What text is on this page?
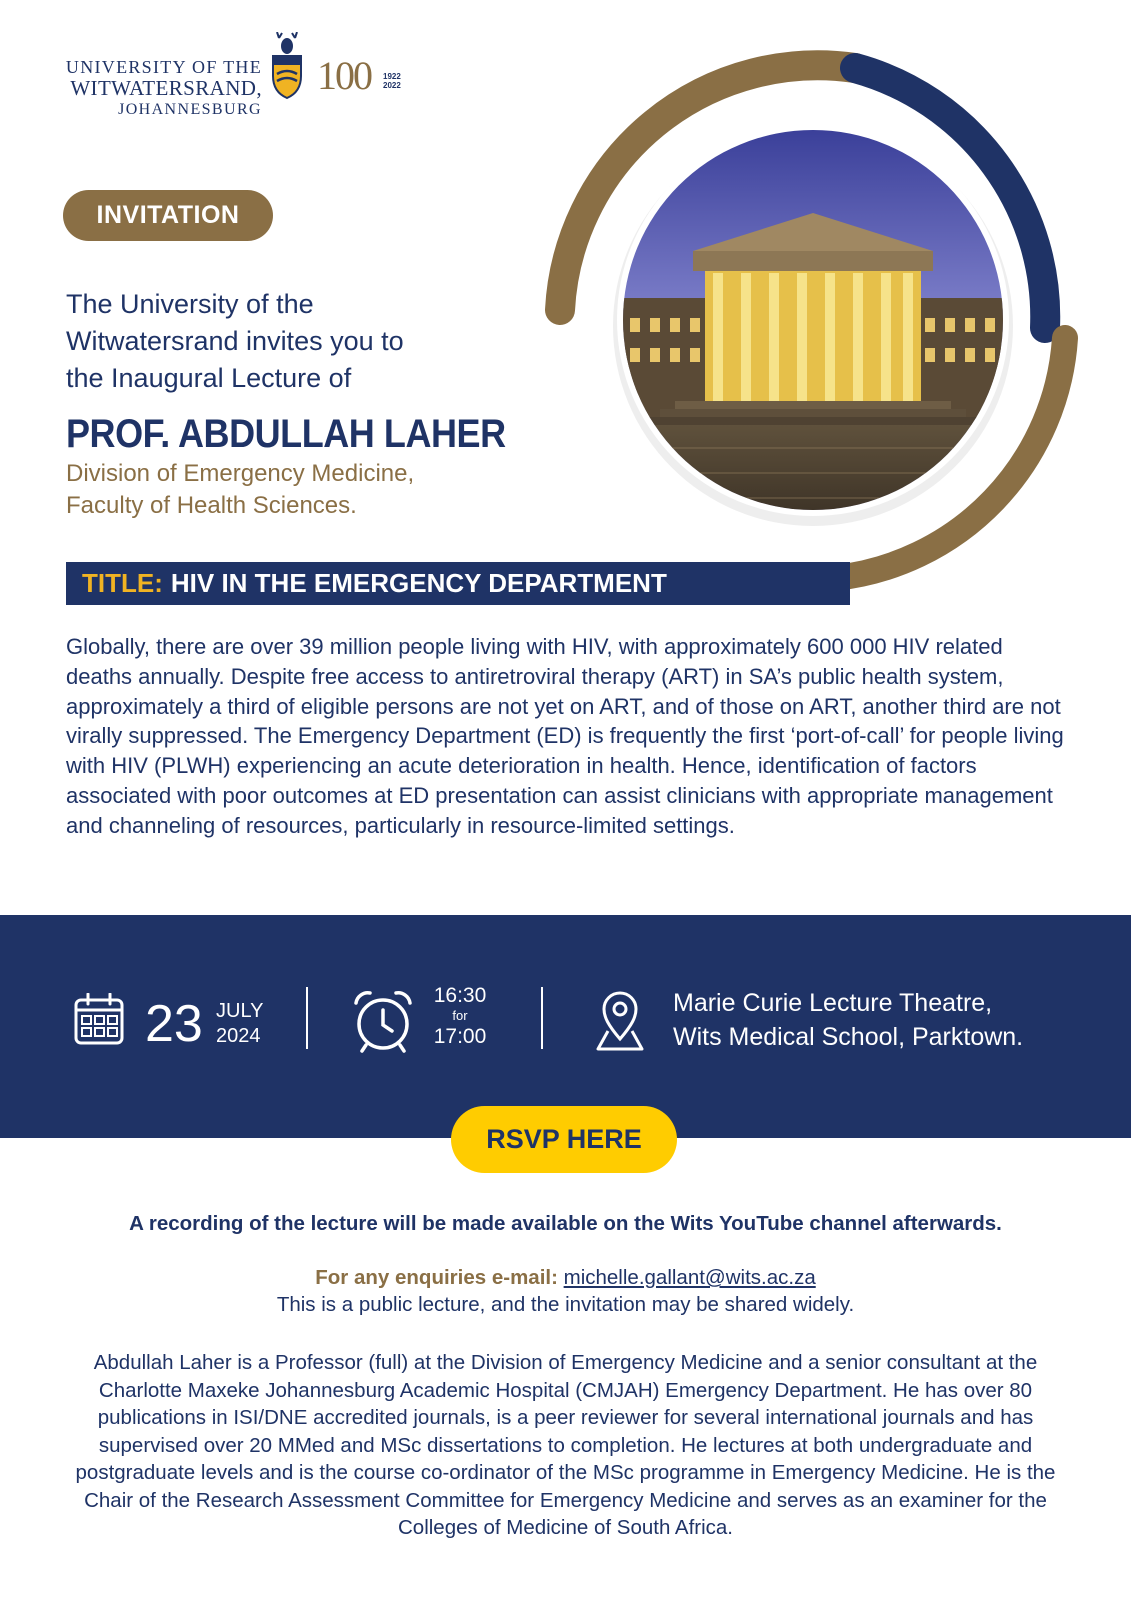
UNIVERSITY OF THE
WITWATERSRAND,
JOHANNESBURG
100 1922
2022
INVITATION
The University of the
Witwatersrand invites you to
the Inaugural Lecture of
PROF. ABDULLAH LAHER
Division of Emergency Medicine,
Faculty of Health Sciences.
TITLE: HIV IN THE EMERGENCY DEPARTMENT

Globally, there are over 39 million people living with HIV, with approximately 600 000 HIV related deaths annually. Despite free access to antiretroviral therapy (ART) in SA’s public health system, approximately a third of eligible persons are not yet on ART, and of those on ART, another third are not virally suppressed. The Emergency Department (ED) is frequently the first ‘port-of-call’ for people living with HIV (PLWH) experiencing an acute deterioration in health. Hence, identification of factors associated with poor outcomes at ED presentation can assist clinicians with appropriate management and channeling of resources, particularly in resource-limited settings.

23 JULY
2024
16:30
for
17:00
Marie Curie Lecture Theatre,
Wits Medical School, Parktown.
RSVP HERE

A recording of the lecture will be made available on the Wits YouTube channel afterwards.

For any enquiries e-mail: michelle.gallant@wits.ac.za

This is a public lecture, and the invitation may be shared widely.

Abdullah Laher is a Professor (full) at the Division of Emergency Medicine and a senior consultant at the Charlotte Maxeke Johannesburg Academic Hospital (CMJAH) Emergency Department. He has over 80 publications in ISI/DNE accredited journals, is a peer reviewer for several international journals and has supervised over 20 MMed and MSc dissertations to completion. He lectures at both undergraduate and postgraduate levels and is the course co-ordinator of the MSc programme in Emergency Medicine. He is the Chair of the Research Assessment Committee for Emergency Medicine and serves as an examiner for the Colleges of Medicine of South Africa.
